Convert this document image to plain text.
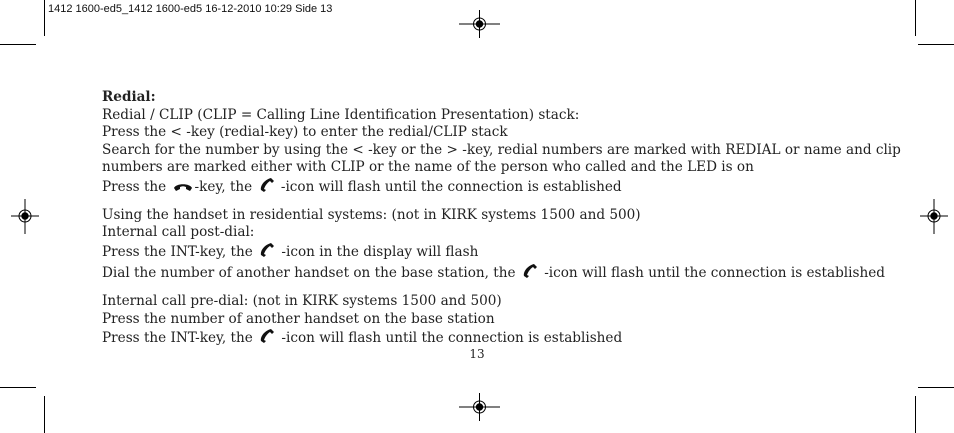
1412 1600-ed5_1412 1600-ed5 16-12-2010 10:29 Side 13

Redial:

Redial / CLIP (CLIP = Calling Line Identification Presentation) stack:

Press the < -key (redial-key) to enter the redial/CLIP stack

Search for the number by using the < -key or the > -key, redial numbers are marked with REDIAL or name and clip numbers are marked either with CLIP or the name of the person who called and the LED is on

Press the -key, the  -icon will flash until the connection is established

Using the handset in residential systems: (not in KIRK systems 1500 and 500)

Internal call post-dial:

Press the INT-key, the  -icon in the display will flash

Dial the number of another handset on the base station, the  -icon will flash until the connection is established

Internal call pre-dial: (not in KIRK systems 1500 and 500)

Press the number of another handset on the base station

Press the INT-key, the  -icon will flash until the connection is established

13
